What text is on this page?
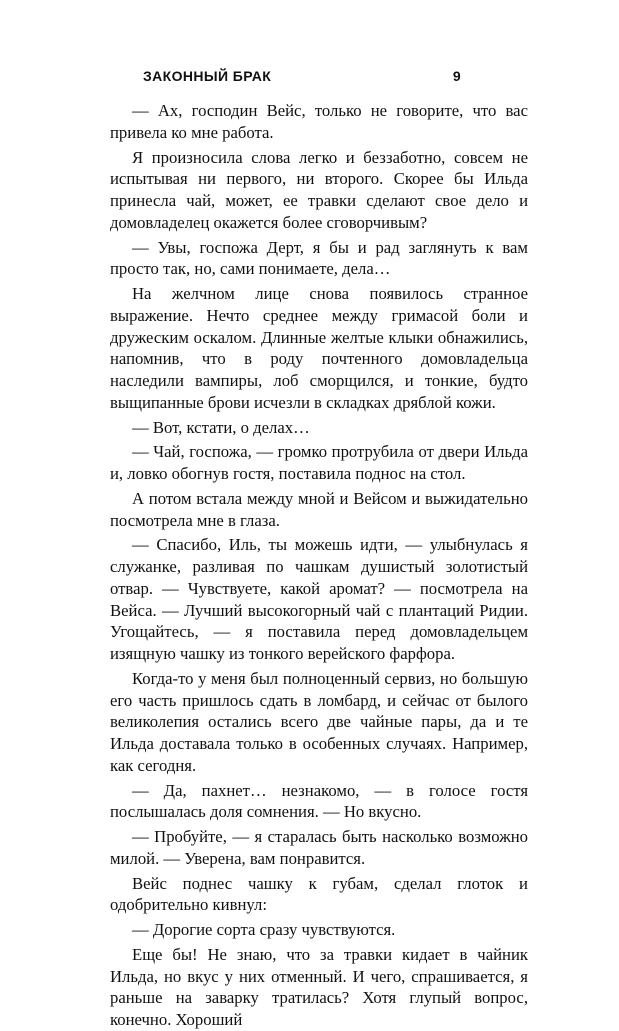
ЗАКОННЫЙ БРАК	9

— Ах, господин Вейс, только не говорите, что вас привела ко мне работа.

Я произносила слова легко и беззаботно, совсем не испытывая ни первого, ни второго. Скорее бы Ильда принесла чай, может, ее травки сделают свое дело и домовладелец окажется более сговорчивым?

— Увы, госпожа Дерт, я бы и рад заглянуть к вам просто так, но, сами понимаете, дела…

На желчном лице снова появилось странное выражение. Нечто среднее между гримасой боли и дружеским оскалом. Длинные желтые клыки обнажились, напомнив, что в роду почтенного домовладельца наследили вампиры, лоб сморщился, и тонкие, будто выщипанные брови исчезли в складках дряблой кожи.

— Вот, кстати, о делах…

— Чай, госпожа, — громко протрубила от двери Ильда и, ловко обогнув гостя, поставила поднос на стол.

А потом встала между мной и Вейсом и выжидательно посмотрела мне в глаза.

— Спасибо, Иль, ты можешь идти, — улыбнулась я служанке, разливая по чашкам душистый золотистый отвар. — Чувствуете, какой аромат? — посмотрела на Вейса. — Лучший высокогорный чай с плантаций Ридии. Угощайтесь, — я поставила перед домовладельцем изящную чашку из тонкого верейского фарфора.

Когда-то у меня был полноценный сервиз, но большую его часть пришлось сдать в ломбард, и сейчас от былого великолепия остались всего две чайные пары, да и те Ильда доставала только в особенных случаях. Например, как сегодня.

— Да, пахнет… незнакомо, — в голосе гостя послышалась доля сомнения. — Но вкусно.

— Пробуйте, — я старалась быть насколько возможно милой. — Уверена, вам понравится.

Вейс поднес чашку к губам, сделал глоток и одобрительно кивнул:

— Дорогие сорта сразу чувствуются.

Еще бы! Не знаю, что за травки кидает в чайник Ильда, но вкус у них отменный. И чего, спрашивается, я раньше на заварку тратилась? Хотя глупый вопрос, конечно. Хороший
